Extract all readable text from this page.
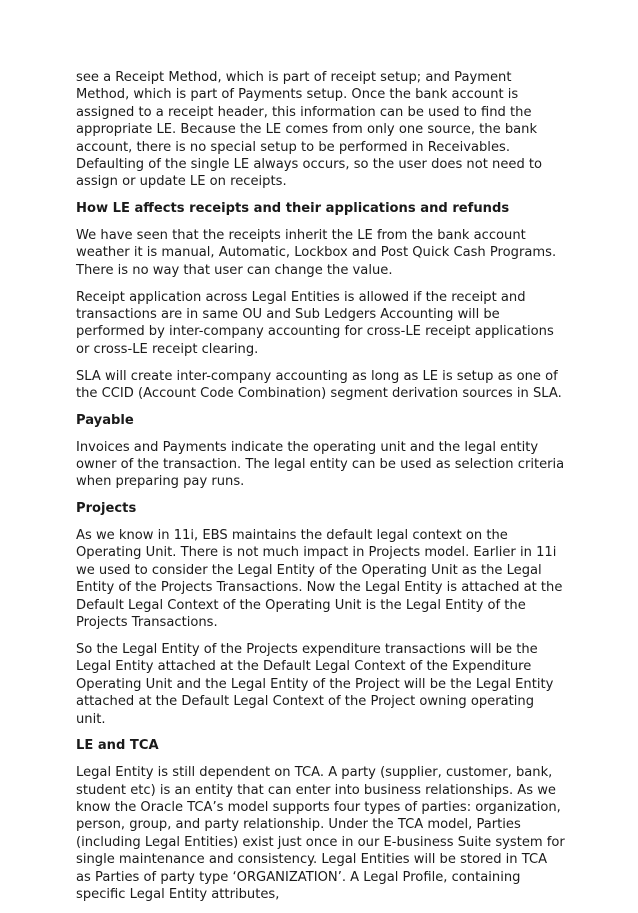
see a Receipt Method, which is part of receipt setup; and Payment Method, which is part of Payments setup. Once the bank account is assigned to a receipt header, this information can be used to find the appropriate LE. Because the LE comes from only one source, the bank account, there is no special setup to be performed in Receivables. Defaulting of the single LE always occurs, so the user does not need to assign or update LE on receipts.

How LE affects receipts and their applications and refunds

We have seen that the receipts inherit the LE from the bank account weather it is manual, Automatic, Lockbox and Post Quick Cash Programs. There is no way that user can change the value.

Receipt application across Legal Entities is allowed if the receipt and transactions are in same OU and Sub Ledgers Accounting will be performed by inter-company accounting for cross-LE receipt applications or cross-LE receipt clearing.

SLA will create inter-company accounting as long as LE is setup as one of the CCID (Account Code Combination) segment derivation sources in SLA.

Payable

Invoices and Payments indicate the operating unit and the legal entity owner of the transaction. The legal entity can be used as selection criteria when preparing pay runs.

Projects

As we know in 11i, EBS maintains the default legal context on the Operating Unit. There is not much impact in Projects model. Earlier in 11i we used to consider the Legal Entity of the Operating Unit as the Legal Entity of the Projects Transactions. Now the Legal Entity is attached at the Default Legal Context of the Operating Unit is the Legal Entity of the Projects Transactions.

So the Legal Entity of the Projects expenditure transactions will be the Legal Entity attached at the Default Legal Context of the Expenditure Operating Unit and the Legal Entity of the Project will be the Legal Entity attached at the Default Legal Context of the Project owning operating unit.

LE and TCA

Legal Entity is still dependent on TCA. A party (supplier, customer, bank, student etc) is an entity that can enter into business relationships. As we know the Oracle TCA’s model supports four types of parties: organization, person, group, and party relationship. Under the TCA model, Parties (including Legal Entities) exist just once in our E-business Suite system for single maintenance and consistency. Legal Entities will be stored in TCA as Parties of party type ‘ORGANIZATION’. A Legal Profile, containing specific Legal Entity attributes,
